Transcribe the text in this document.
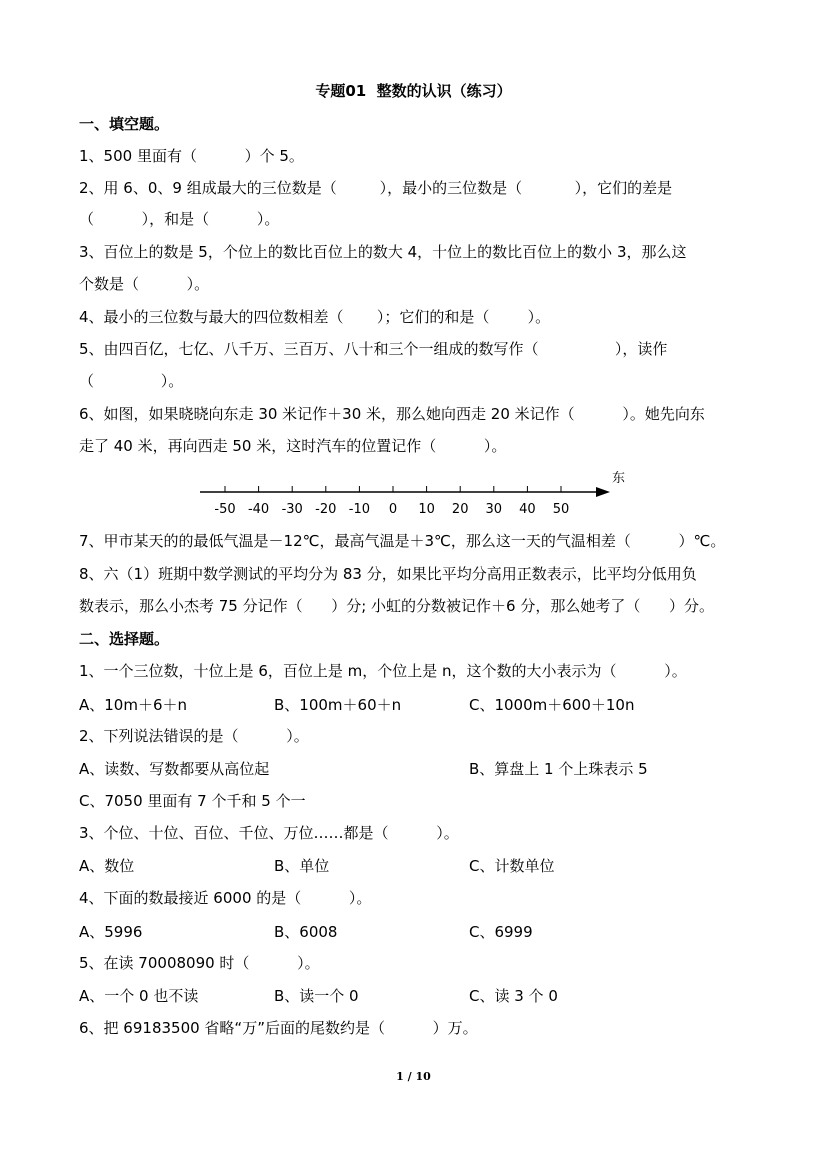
专题01  整数的认识（练习）
一、填空题。
1、500 里面有（          ）个 5。
2、用 6、0、9 组成最大的三位数是（         ），最小的三位数是（           ），它们的差是
（          ），和是（          ）。
3、百位上的数是 5，个位上的数比百位上的数大 4，十位上的数比百位上的数小 3，那么这
个数是（          ）。
4、最小的三位数与最大的四位数相差（       ）；它们的和是（        ）。
5、由四百亿，七亿、八千万、三百万、八十和三个一组成的数写作（                ），读作
（              ）。
6、如图，如果晓晓向东走 30 米记作＋30 米，那么她向西走 20 米记作（          ）。她先向东
走了 40 米，再向西走 50 米，这时汽车的位置记作（          ）。
东
-50 -40 -30 -20 -10 0 10 20 30 40 50
7、甲市某天的的最低气温是－12℃，最高气温是＋3℃，那么这一天的气温相差（          ）℃。
8、六（1）班期中数学测试的平均分为 83 分，如果比平均分高用正数表示，比平均分低用负
数表示，那么小杰考 75 分记作（      ）分; 小虹的分数被记作＋6 分，那么她考了（      ）分。
二、选择题。
1、一个三位数，十位上是 6，百位上是 m，个位上是 n，这个数的大小表示为（          ）。
A、10m＋6＋n	B、100m＋60＋n	C、1000m＋600＋10n
2、下列说法错误的是（          ）。
A、读数、写数都要从高位起	B、算盘上 1 个上珠表示 5
C、7050 里面有 7 个千和 5 个一
3、个位、十位、百位、千位、万位……都是（          ）。
A、数位	B、单位	C、计数单位
4、下面的数最接近 6000 的是（          ）。
A、5996	B、6008	C、6999
5、在读 70008090 时（          ）。
A、一个 0 也不读	B、读一个 0	C、读 3 个 0
6、把 69183500 省略“万”后面的尾数约是（          ）万。
1 / 10
